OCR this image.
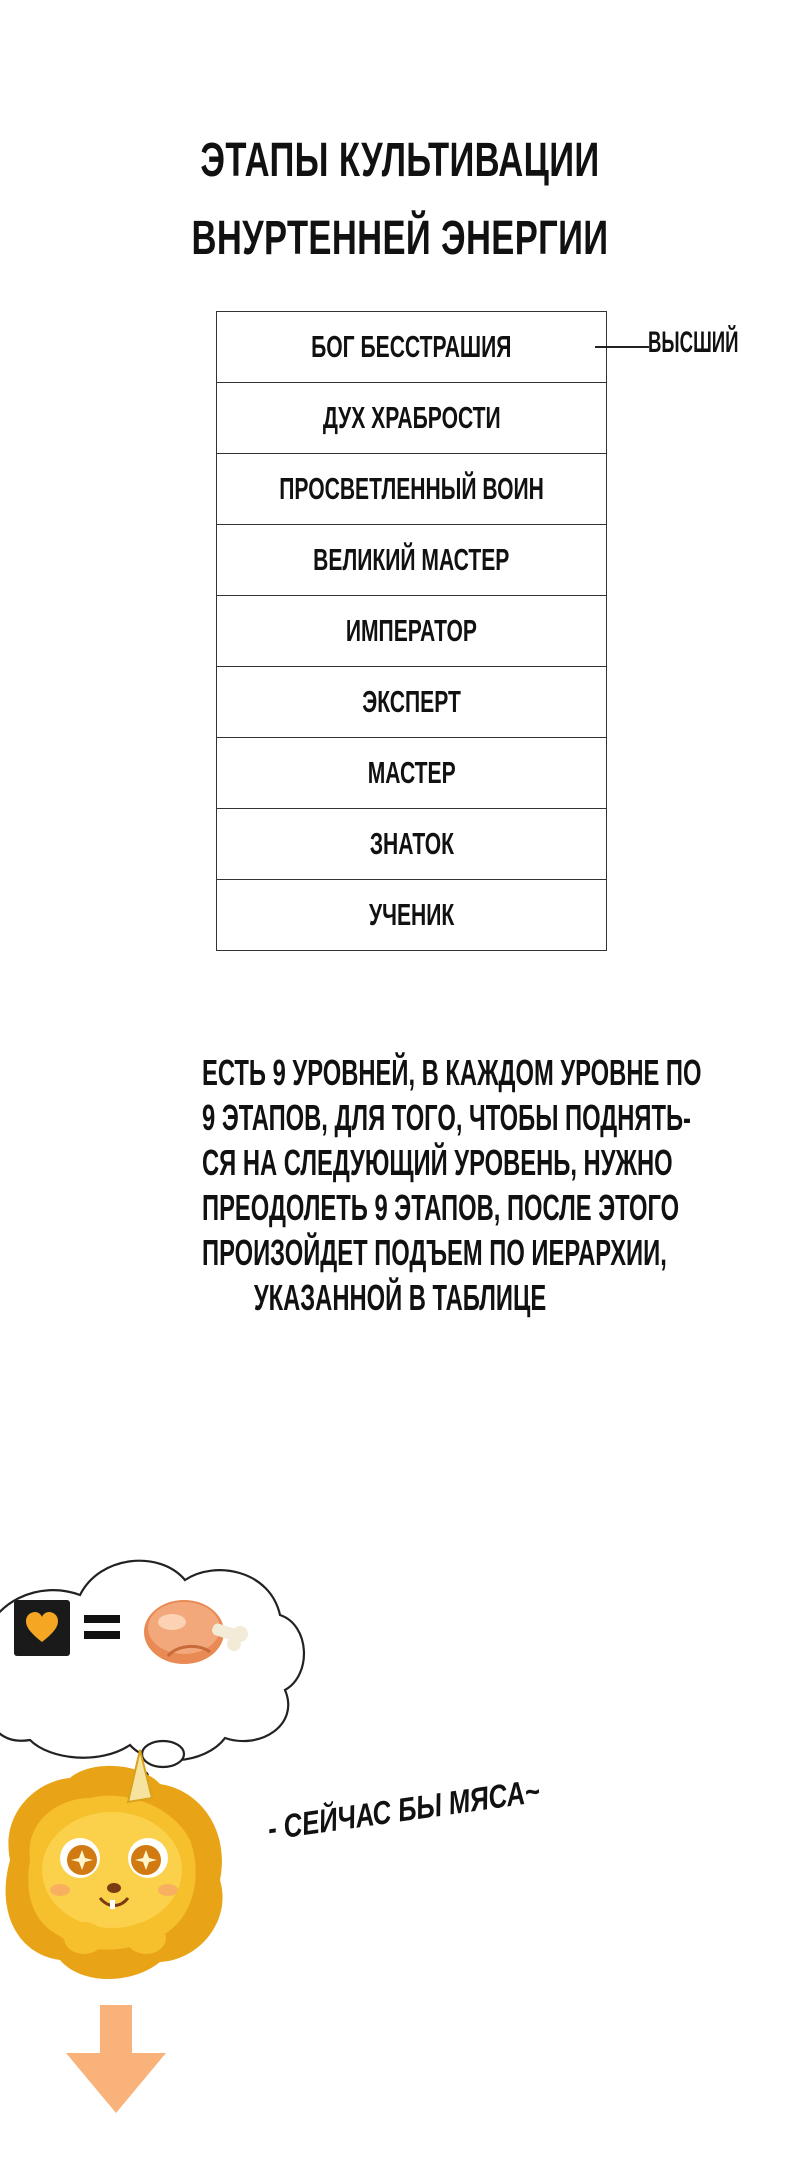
ЭТАПЫ КУЛЬТИВАЦИИ
ВНУРТЕННЕЙ ЭНЕРГИИ
БОГ БЕССТРАШИЯ
ДУХ ХРАБРОСТИ
ПРОСВЕТЛЕННЫЙ ВОИН
ВЕЛИКИЙ МАСТЕР
ИМПЕРАТОР
ЭКСПЕРТ
МАСТЕР
ЗНАТОК
УЧЕНИК
ВЫСШИЙ
ЕСТЬ 9 УРОВНЕЙ, В КАЖДОМ УРОВНЕ ПО
9 ЭТАПОВ, ДЛЯ ТОГО, ЧТОБЫ ПОДНЯТЬ-
СЯ НА СЛЕДУЮЩИЙ УРОВЕНЬ, НУЖНО
ПРЕОДОЛЕТЬ 9 ЭТАПОВ, ПОСЛЕ ЭТОГО
ПРОИЗОЙДЕТ ПОДЪЕМ ПО ИЕРАРХИИ,
УКАЗАННОЙ В ТАБЛИЦЕ
- СЕЙЧАС БЫ МЯСА~
